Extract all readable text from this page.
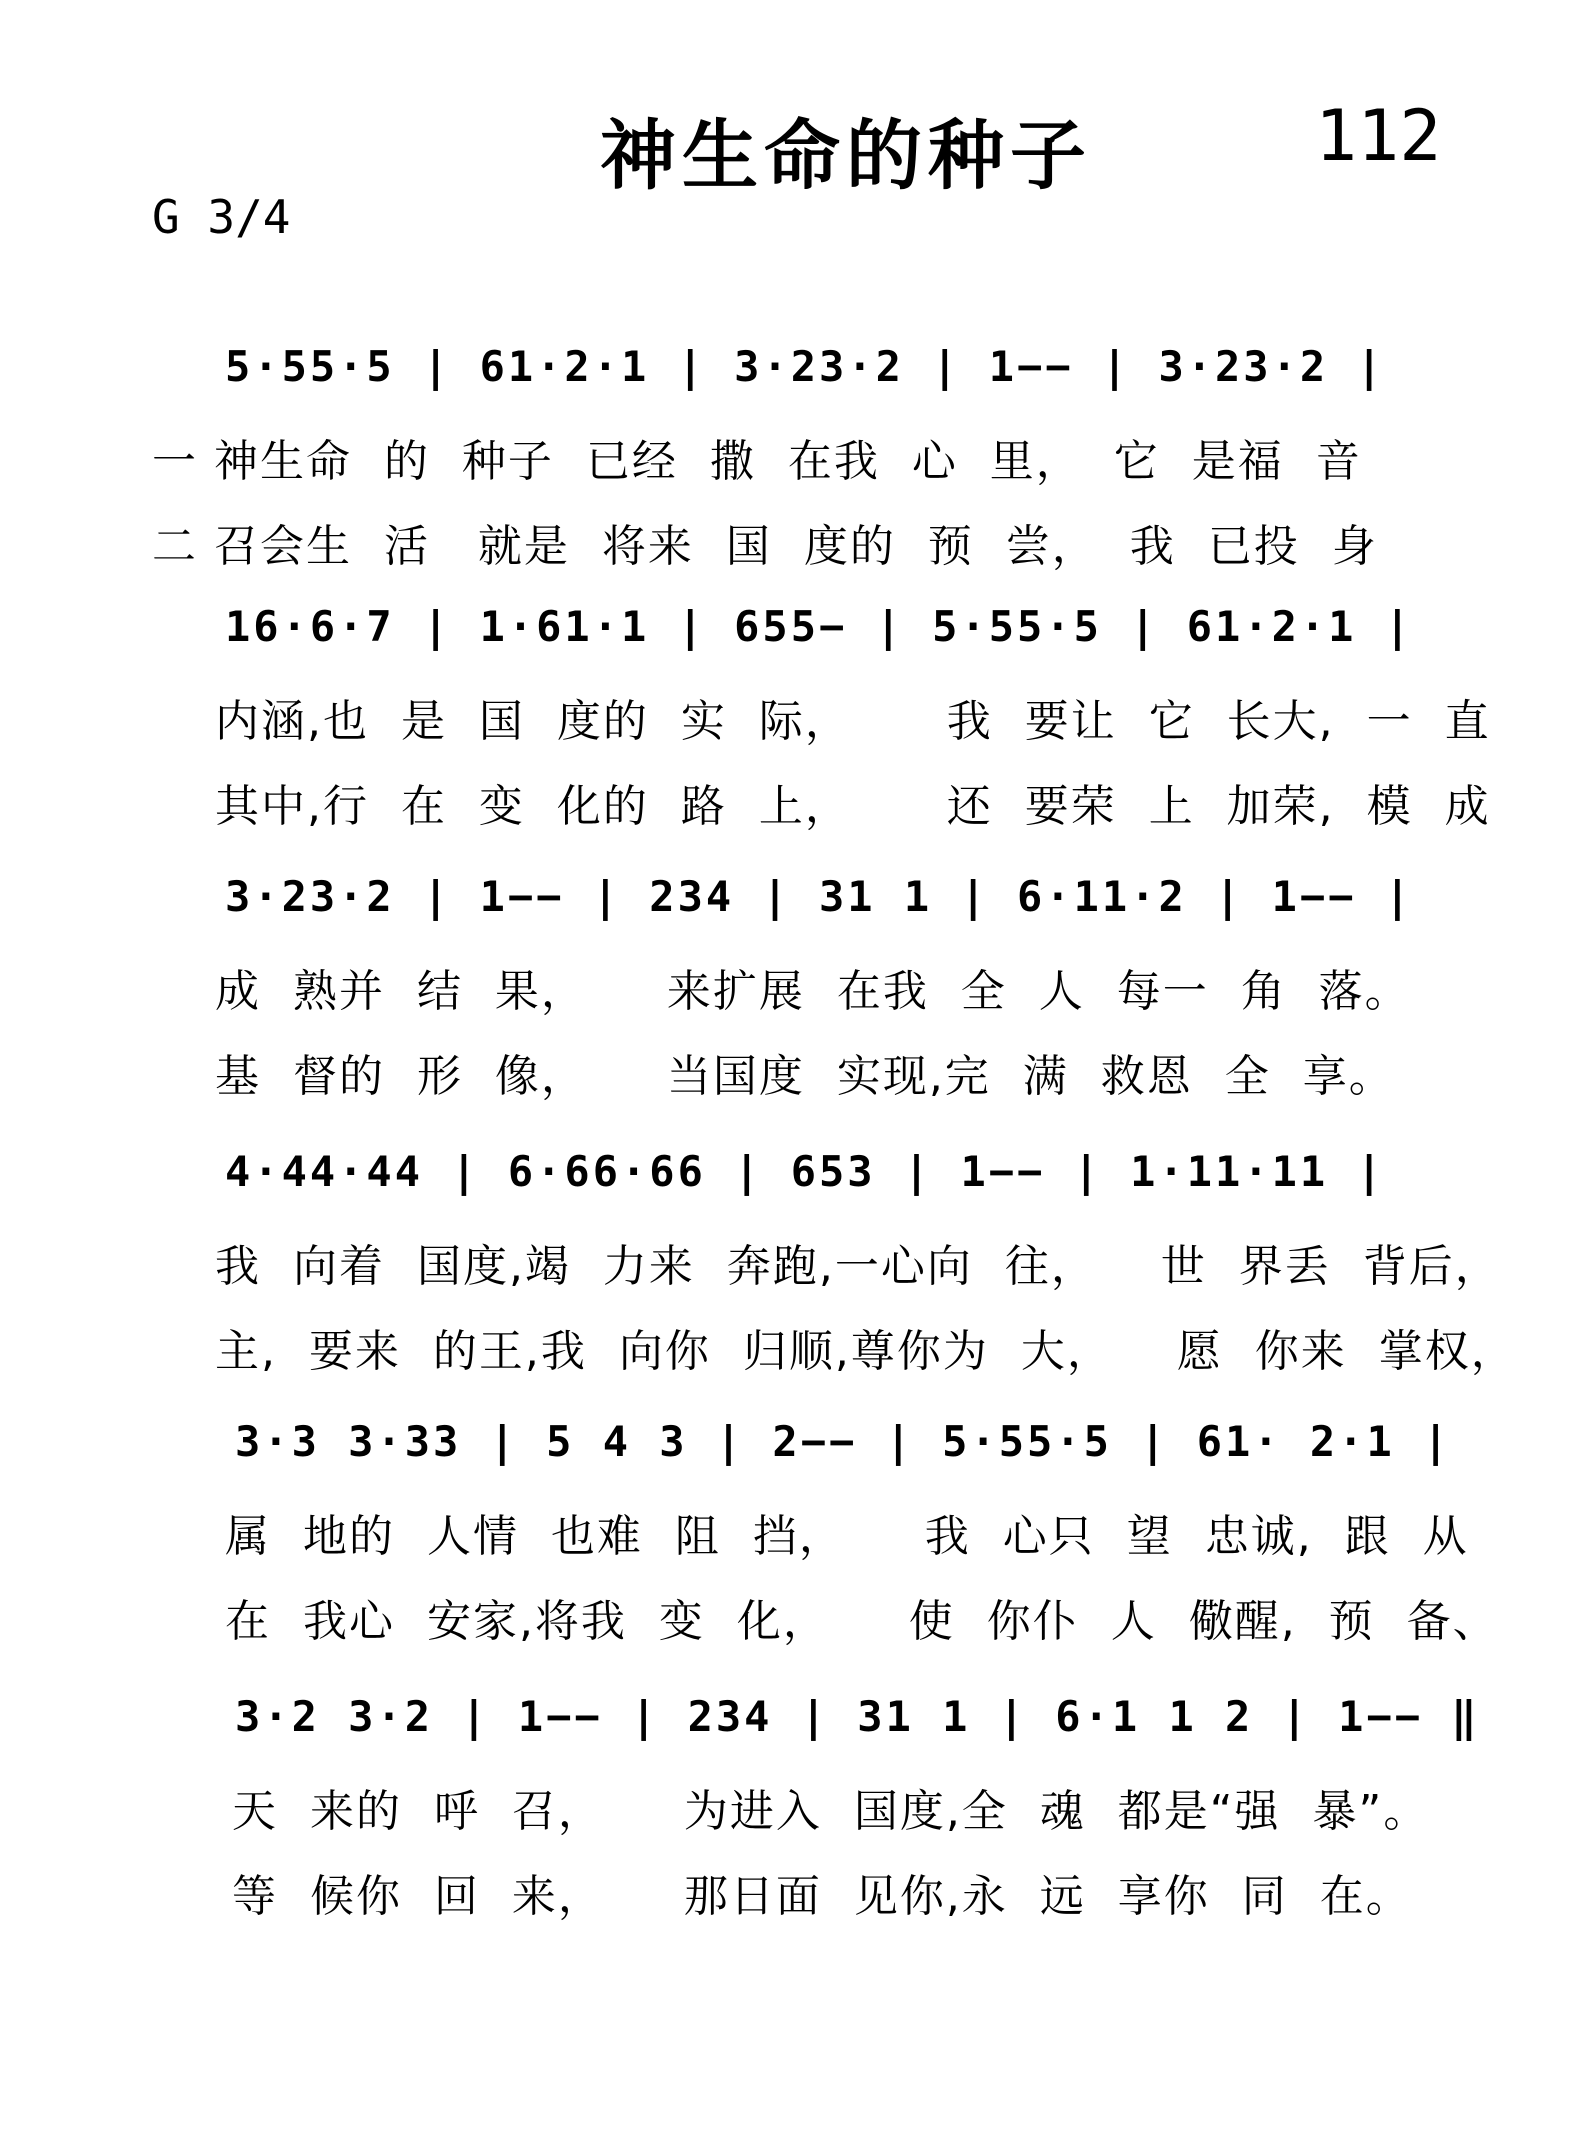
神生命的种子	112
G 3/4
5·55·5 | 61·2·1 | 3·23·2 | 1−− | 3·23·2 |
一 神生命  的  种子  已经  撒  在我  心  里，  它  是福  音
二 召会生  活   就是  将来  国  度的  预  尝，  我  已投  身
16·6·7 | 1·61·1 | 655− | 5·55·5 | 61·2·1 |
内涵,也  是  国  度的  实  际，      我  要让  它  长大,  一  直
其中,行  在  变  化的  路  上，      还  要荣  上  加荣,  模  成
3·23·2 | 1−− | 234 | 31 1 | 6·11·2 | 1−− |
成  熟并  结  果，     来扩展  在我  全  人  每一  角  落。
基  督的  形  像，     当国度  实现,完  满  救恩  全  享。
4·44·44 | 6·66·66 | 653 | 1−− | 1·11·11 |
我  向着  国度,竭  力来  奔跑,一心向  往，    世  界丢  背后，
主,  要来  的王,我  向你  归顺,尊你为  大，    愿  你来  掌权，
3·3 3·33 | 5 4 3 | 2−− | 5·55·5 | 61· 2·1 |
属  地的  人情  也难  阻  挡，     我  心只  望  忠诚,  跟  从
在  我心  安家,将我  变  化，     使  你仆  人  儆醒,  预  备、
3·2 3·2 | 1−− | 234 | 31 1 | 6·1 1 2 | 1−− ‖
天  来的  呼  召，     为进入  国度,全  魂  都是“强  暴”。
等  候你  回  来，     那日面  见你,永  远  享你  同  在。
